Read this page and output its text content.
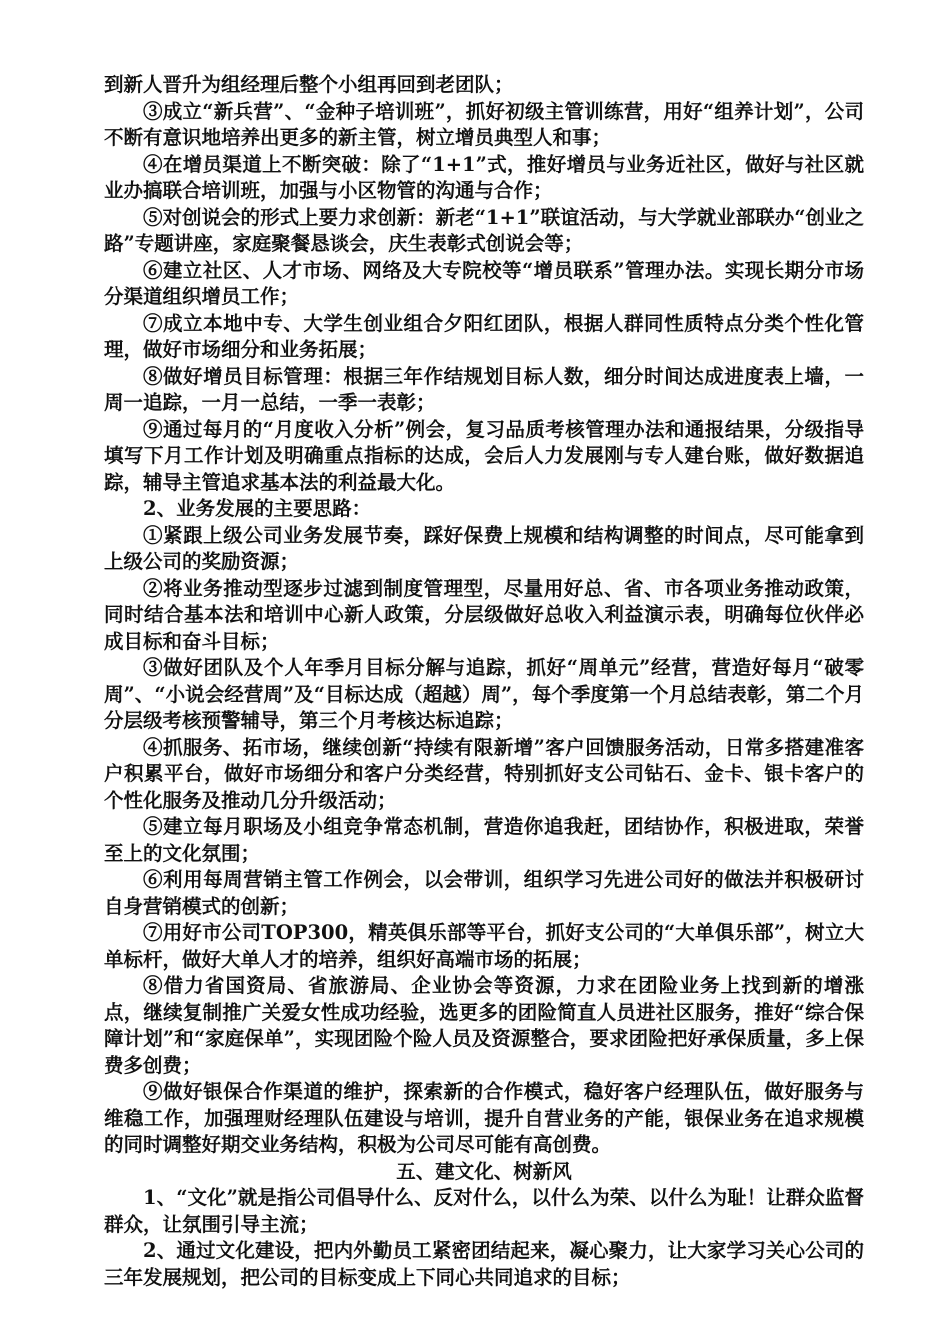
到新人晋升为组经理后整个小组再回到老团队；

③成立“新兵营”、“金种子培训班”，抓好初级主管训练营，用好“组养计划”，公司不断有意识地培养出更多的新主管，树立增员典型人和事；

④在增员渠道上不断突破：除了“1+1”式，推好增员与业务近社区，做好与社区就业办搞联合培训班，加强与小区物管的沟通与合作；

⑤对创说会的形式上要力求创新：新老“1+1”联谊活动，与大学就业部联办“创业之路”专题讲座，家庭聚餐恳谈会，庆生表彰式创说会等；

⑥建立社区、人才市场、网络及大专院校等“增员联系”管理办法。实现长期分市场分渠道组织增员工作；

⑦成立本地中专、大学生创业组合夕阳红团队，根据人群同性质特点分类个性化管理，做好市场细分和业务拓展；

⑧做好增员目标管理：根据三年作结规划目标人数，细分时间达成进度表上墙，一周一追踪，一月一总结，一季一表彰；

⑨通过每月的“月度收入分析”例会，复习品质考核管理办法和通报结果，分级指导填写下月工作计划及明确重点指标的达成，会后人力发展刚与专人建台账，做好数据追踪，辅导主管追求基本法的利益最大化。

2、业务发展的主要思路：

①紧跟上级公司业务发展节奏，踩好保费上规模和结构调整的时间点，尽可能拿到上级公司的奖励资源；

②将业务推动型逐步过滤到制度管理型，尽量用好总、省、市各项业务推动政策，同时结合基本法和培训中心新人政策，分层级做好总收入利益演示表，明确每位伙伴必成目标和奋斗目标；

③做好团队及个人年季月目标分解与追踪，抓好“周单元”经营，营造好每月“破零周”、“小说会经营周”及“目标达成（超越）周”，每个季度第一个月总结表彰，第二个月分层级考核预警辅导，第三个月考核达标追踪；

④抓服务、拓市场，继续创新“持续有限新增”客户回馈服务活动，日常多搭建准客户积累平台，做好市场细分和客户分类经营，特别抓好支公司钻石、金卡、银卡客户的个性化服务及推动几分升级活动；

⑤建立每月职场及小组竞争常态机制，营造你追我赶，团结协作，积极进取，荣誉至上的文化氛围；

⑥利用每周营销主管工作例会，以会带训，组织学习先进公司好的做法并积极研讨自身营销模式的创新；

⑦用好市公司TOP300，精英俱乐部等平台，抓好支公司的“大单俱乐部”，树立大单标杆，做好大单人才的培养，组织好高端市场的拓展；

⑧借力省国资局、省旅游局、企业协会等资源，力求在团险业务上找到新的增涨点，继续复制推广关爱女性成功经验，选更多的团险简直人员进社区服务，推好“综合保障计划”和“家庭保单”，实现团险个险人员及资源整合，要求团险把好承保质量，多上保费多创费；

⑨做好银保合作渠道的维护，探索新的合作模式，稳好客户经理队伍，做好服务与维稳工作，加强理财经理队伍建设与培训，提升自营业务的产能，银保业务在追求规模的同时调整好期交业务结构，积极为公司尽可能有高创费。

五、建文化、树新风

1、“文化”就是指公司倡导什么、反对什么，以什么为荣、以什么为耻！让群众监督群众，让氛围引导主流；

2、通过文化建设，把内外勤员工紧密团结起来，凝心聚力，让大家学习关心公司的三年发展规划，把公司的目标变成上下同心共同追求的目标；
